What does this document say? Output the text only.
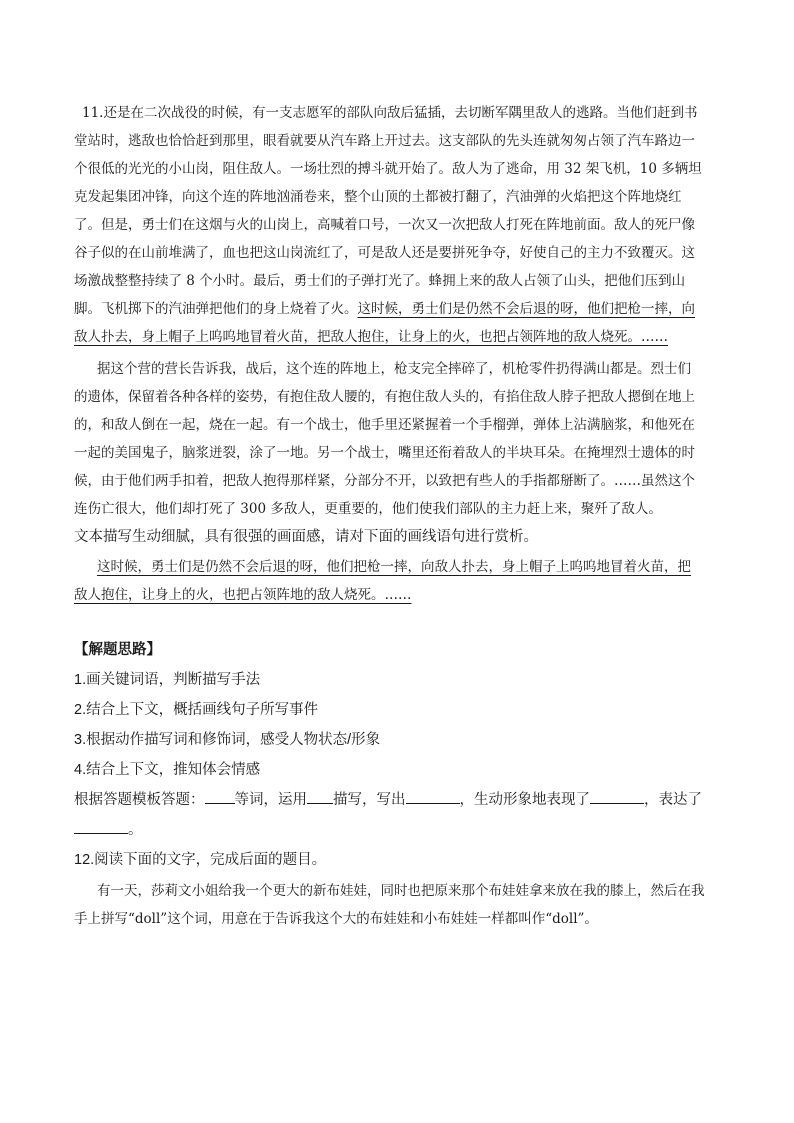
11.还是在二次战役的时候，有一支志愿军的部队向敌后猛插，去切断军隅里敌人的逃路。当他们赶到书
堂站时，逃敌也恰恰赶到那里，眼看就要从汽车路上开过去。这支部队的先头连就匆匆占领了汽车路边一
个很低的光光的小山岗，阻住敌人。一场壮烈的搏斗就开始了。敌人为了逃命，用 32 架飞机，10 多辆坦
克发起集团冲锋，向这个连的阵地汹涌卷来，整个山顶的土都被打翻了，汽油弹的火焰把这个阵地烧红
了。但是，勇士们在这烟与火的山岗上，高喊着口号，一次又一次把敌人打死在阵地前面。敌人的死尸像
谷子似的在山前堆满了，血也把这山岗流红了，可是敌人还是要拼死争夺，好使自己的主力不致覆灭。这
场激战整整持续了 8 个小时。最后，勇士们的子弹打光了。蜂拥上来的敌人占领了山头，把他们压到山
脚。飞机掷下的汽油弹把他们的身上烧着了火。这时候，勇士们是仍然不会后退的呀，他们把枪一摔，向
敌人扑去，身上帽子上呜呜地冒着火苗，把敌人抱住，让身上的火，也把占领阵地的敌人烧死。……
据这个营的营长告诉我，战后，这个连的阵地上，枪支完全摔碎了，机枪零件扔得满山都是。烈士们
的遗体，保留着各种各样的姿势，有抱住敌人腰的，有抱住敌人头的，有掐住敌人脖子把敌人摁倒在地上
的，和敌人倒在一起，烧在一起。有一个战士，他手里还紧握着一个手榴弹，弹体上沾满脑浆，和他死在
一起的美国鬼子，脑浆迸裂，涂了一地。另一个战士，嘴里还衔着敌人的半块耳朵。在掩埋烈士遗体的时
候，由于他们两手扣着，把敌人抱得那样紧，分部分不开，以致把有些人的手指都掰断了。……虽然这个
连伤亡很大，他们却打死了 300 多敌人，更重要的，他们使我们部队的主力赶上来，聚歼了敌人。
文本描写生动细腻，具有很强的画面感，请对下面的画线语句进行赏析。
这时候，勇士们是仍然不会后退的呀，他们把枪一摔，向敌人扑去，身上帽子上呜呜地冒着火苗，把
敌人抱住，让身上的火，也把占领阵地的敌人烧死。……
【解题思路】
1.画关键词语，判断描写手法
2.结合上下文，概括画线句子所写事件
3.根据动作描写词和修饰词，感受人物状态/形象
4.结合上下文，推知体会情感
根据答题模板答题： 等词，运用 描写，写出	，生动形象地表现了	，表达了
。
12.阅读下面的文字，完成后面的题目。
有一天，莎莉文小姐给我一个更大的新布娃娃，同时也把原来那个布娃娃拿来放在我的膝上，然后在我
手上拼写“doll”这个词，用意在于告诉我这个大的布娃娃和小布娃娃一样都叫作“doll”。
